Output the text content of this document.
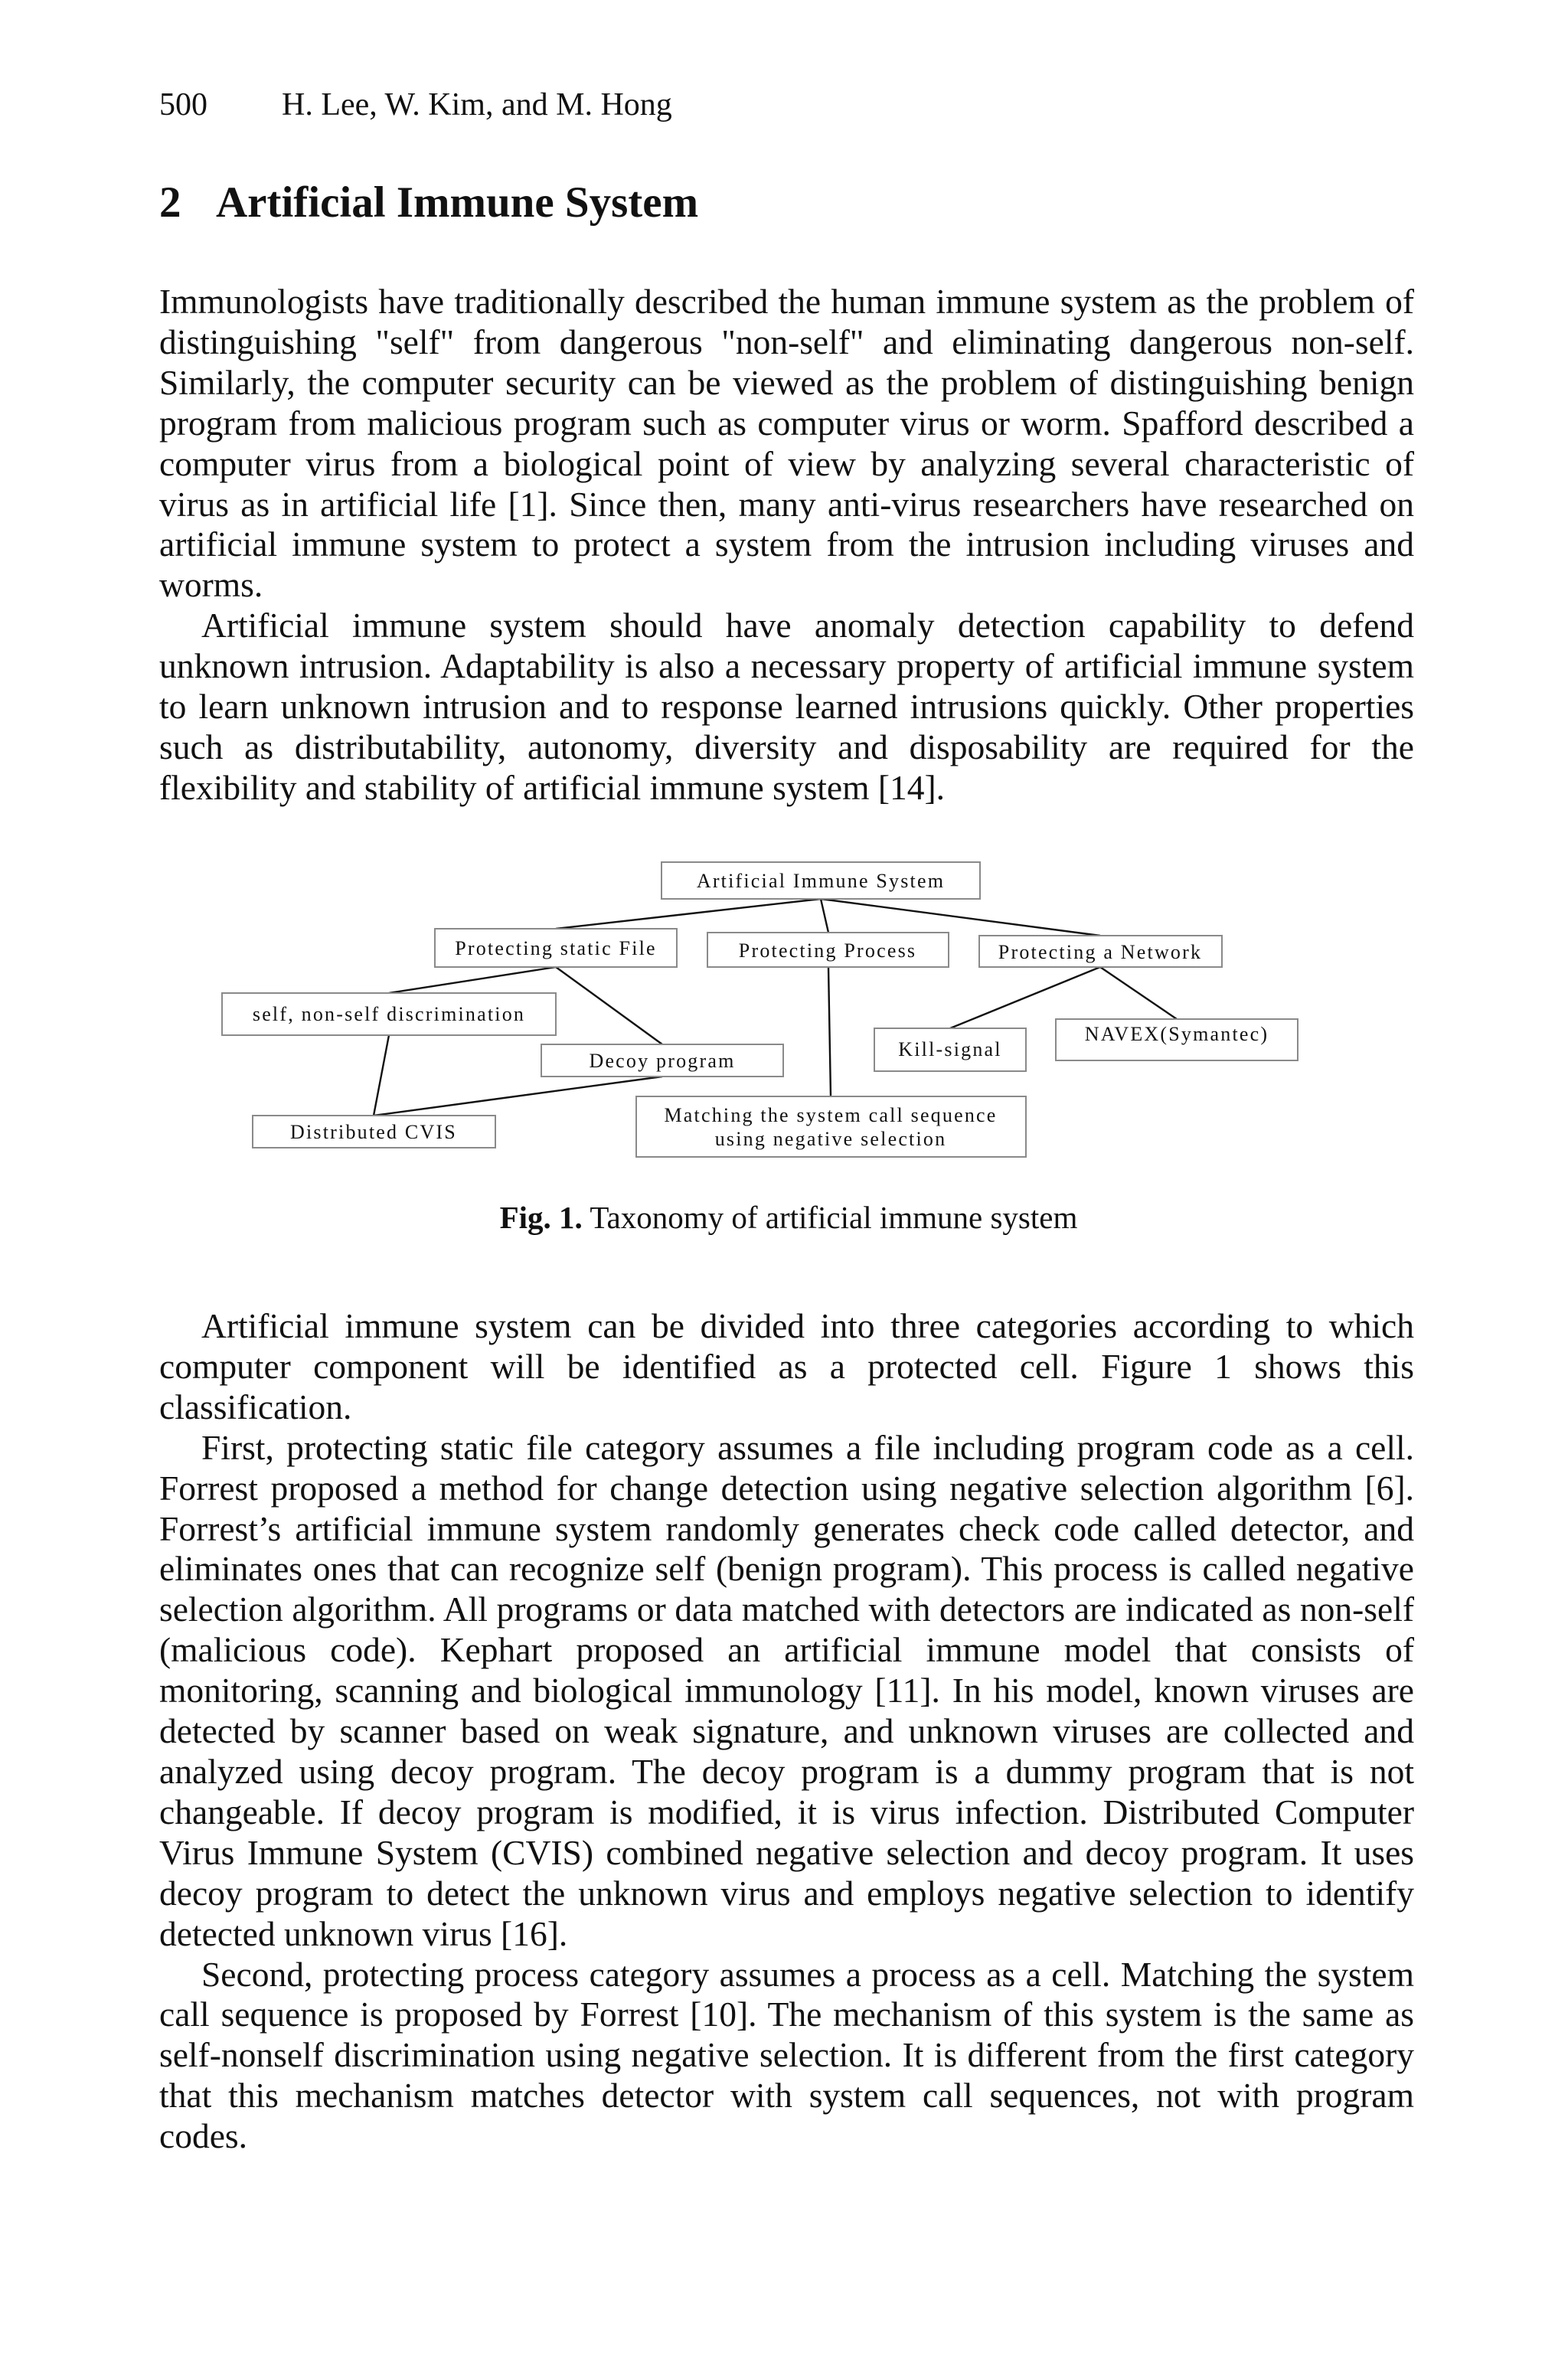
500 H. Lee, W. Kim, and M. Hong
2 Artificial Immune System

Immunologists have traditionally described the human immune system as the problem of distinguishing "self" from dangerous "non-self" and eliminating dangerous non-self. Similarly, the computer security can be viewed as the problem of distinguishing benign program from malicious program such as computer virus or worm. Spafford described a computer virus from a biological point of view by analyzing several characteristic of virus as in artificial life [1]. Since then, many anti-virus researchers have researched on artificial immune system to protect a system from the intrusion including viruses and worms.

Artificial immune system should have anomaly detection capability to defend unknown intrusion. Adaptability is also a necessary property of artificial immune system to learn unknown intrusion and to response learned intrusions quickly. Other properties such as distributability, autonomy, diversity and disposability are required for the flexibility and stability of artificial immune system [14].

Artificial Immune System
Protecting static File	Protecting Process	Protecting a Network
self, non-self discrimination
Decoy program
Kill-signal
NAVEX(Symantec)
Distributed CVIS
Matching the system call sequence
using negative selection
Fig. 1. Taxonomy of artificial immune system

Artificial immune system can be divided into three categories according to which computer component will be identified as a protected cell. Figure 1 shows this classification.

First, protecting static file category assumes a file including program code as a cell. Forrest proposed a method for change detection using negative selection algorithm [6]. Forrest’s artificial immune system randomly generates check code called detector, and eliminates ones that can recognize self (benign program). This process is called negative selection algorithm. All programs or data matched with detectors are indicated as non-self (malicious code). Kephart proposed an artificial immune model that consists of monitoring, scanning and biological immunology [11]. In his model, known viruses are detected by scanner based on weak signature, and unknown viruses are collected and analyzed using decoy program. The decoy program is a dummy program that is not changeable. If decoy program is modified, it is virus infection. Distributed Computer Virus Immune System (CVIS) combined negative selection and decoy program. It uses decoy program to detect the unknown virus and employs negative selection to identify detected unknown virus [16].

Second, protecting process category assumes a process as a cell. Matching the system call sequence is proposed by Forrest [10]. The mechanism of this system is the same as self-nonself discrimination using negative selection. It is different from the first category that this mechanism matches detector with system call sequences, not with program codes.
